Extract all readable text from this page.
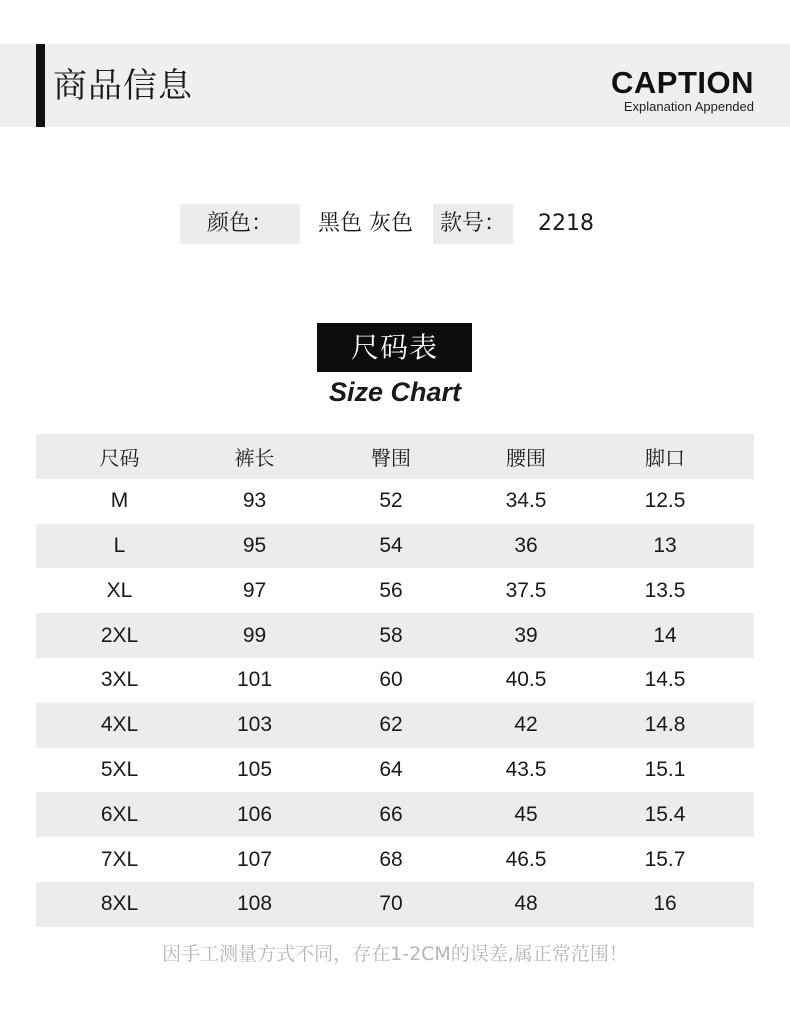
商品信息	CAPTION
Explanation Appended
颜色：	黑色 灰色	款号：	2218
尺码表
Size Chart
尺码	裤长	臀围	腰围	脚口
M	93	52	34.5	12.5
L	95	54	36	13
XL	97	56	37.5	13.5
2XL	99	58	39	14
3XL	101	60	40.5	14.5
4XL	103	62	42	14.8
5XL	105	64	43.5	15.1
6XL	106	66	45	15.4
7XL	107	68	46.5	15.7
8XL	108	70	48	16
因手工测量方式不同，存在1-2CM的误差,属正常范围！
